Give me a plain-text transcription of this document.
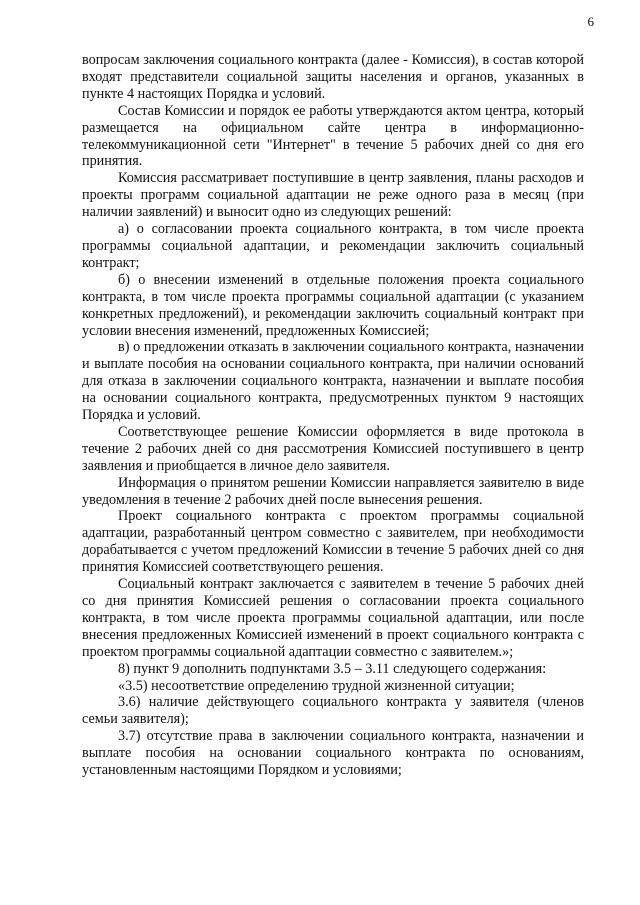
6

вопросам заключения социального контракта (далее - Комиссия), в состав которой входят представители социальной защиты населения и органов, указанных в пункте 4 настоящих Порядка и условий.

Состав Комиссии и порядок ее работы утверждаются актом центра, который размещается на официальном сайте центра в информационно-телекоммуникационной сети "Интернет" в течение 5 рабочих дней со дня его принятия.

Комиссия рассматривает поступившие в центр заявления, планы расходов и проекты программ социальной адаптации не реже одного раза в месяц (при наличии заявлений) и выносит одно из следующих решений:

а) о согласовании проекта социального контракта, в том числе проекта программы социальной адаптации, и рекомендации заключить социальный контракт;

б) о внесении изменений в отдельные положения проекта социального контракта, в том числе проекта программы социальной адаптации (с указанием конкретных предложений), и рекомендации заключить социальный контракт при условии внесения изменений, предложенных Комиссией;

в) о предложении отказать в заключении социального контракта, назначении и выплате пособия на основании социального контракта, при наличии оснований для отказа в заключении социального контракта, назначении и выплате пособия на основании социального контракта, предусмотренных пунктом 9 настоящих Порядка и условий.

Соответствующее решение Комиссии оформляется в виде протокола в течение 2 рабочих дней со дня рассмотрения Комиссией поступившего в центр заявления и приобщается в личное дело заявителя.

Информация о принятом решении Комиссии направляется заявителю в виде уведомления в течение 2 рабочих дней после вынесения решения.

Проект социального контракта с проектом программы социальной адаптации, разработанный центром совместно с заявителем, при необходимости дорабатывается с учетом предложений Комиссии в течение 5 рабочих дней со дня принятия Комиссией соответствующего решения.

Социальный контракт заключается с заявителем в течение 5 рабочих дней со дня принятия Комиссией решения о согласовании проекта социального контракта, в том числе проекта программы социальной адаптации, или после внесения предложенных Комиссией изменений в проект социального контракта с проектом программы социальной адаптации совместно с заявителем.»;

8) пункт 9 дополнить подпунктами 3.5 – 3.11 следующего содержания:

«3.5) несоответствие определению трудной жизненной ситуации;

3.6) наличие действующего социального контракта у заявителя (членов семьи заявителя);

3.7) отсутствие права в заключении социального контракта, назначении и выплате пособия на основании социального контракта по основаниям, установленным настоящими Порядком и условиями;
